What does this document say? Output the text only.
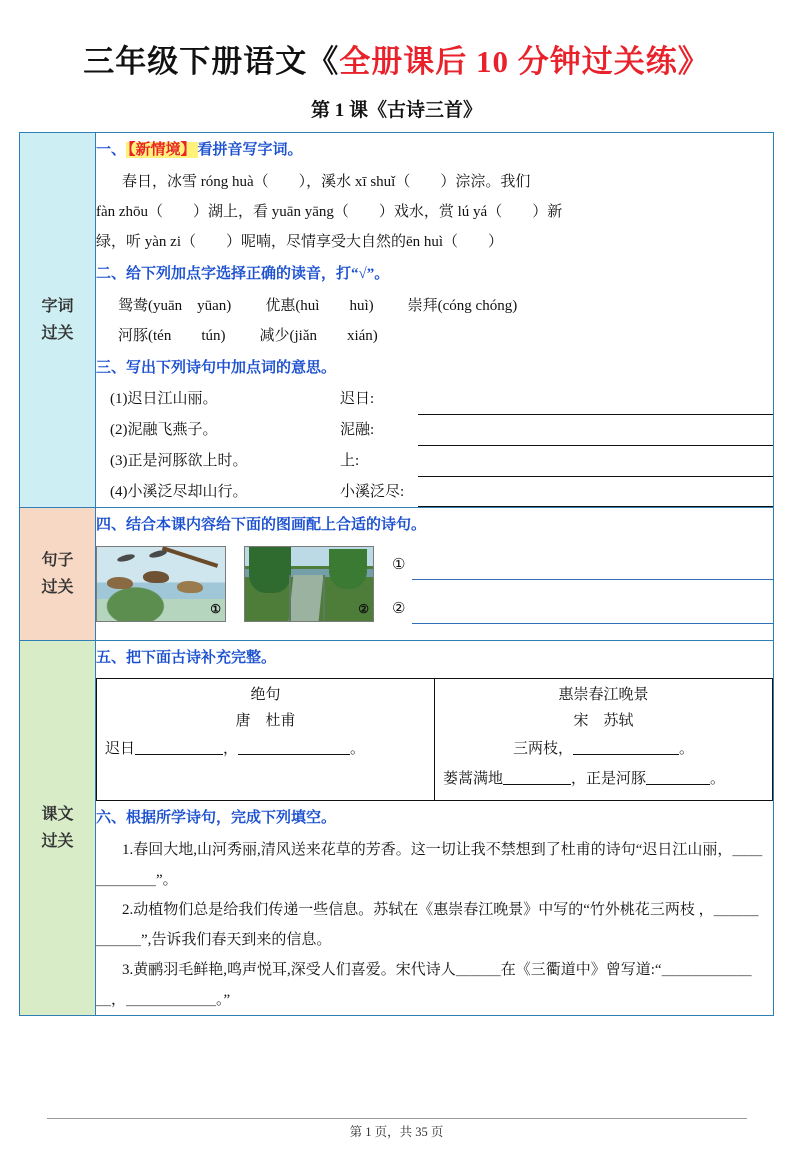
三年级下册语文《全册课后 10 分钟过关练》
第 1 课《古诗三首》
字词
过关

一、 【新情境】 看拼音写字词。
春日，冰雪 róng huà（　　），溪水 xī shuǐ（　　）淙淙。我们
fàn zhōu（　　）湖上，看 yuān yāng（　　）戏水，赏 lú yá（　　）新
绿，听 yàn zi（　　）呢喃，尽情享受大自然的ēn huì（　　）
二、给下列加点字选择正确的读音，打“√”。
鸳鸯(yuān　yūan) 优惠(huì　　huì) 崇拜(cóng chóng)
河豚(tén　　tún) 减少(jiǎn　　xián)
三、写出下列诗句中加点词的意思。
(1)迟日江山丽。	迟日:
(2)泥融飞燕子。	泥融:
(3)正是河豚欲上时。	上:
(4)小溪泛尽却山行。	小溪泛尽:

句子
过关

四、结合本课内容给下面的图画配上合适的诗句。
①	②
①
②

课文
过关

五、把下面古诗补充完整。
绝句
唐　杜甫
迟日	，	。
惠崇春江晚景
宋　苏轼
三两枝，	。
蒌蒿满地	，正是河豚	。
六、根据所学诗句，完成下列填空。
1.春回大地,山河秀丽,清风送来花草的芳香。这一切让我不禁想到了杜甫的诗句“迟日江山丽，＿＿＿＿＿＿”。
2.动植物们总是给我们传递一些信息。苏轼在《惠崇春江晚景》中写的“竹外桃花三两枝 ，＿＿＿＿＿＿”,告诉我们春天到来的信息。
3.黄鹂羽毛鲜艳,鸣声悦耳,深受人们喜爱。宋代诗人＿＿＿在《三衢道中》曾写道:“＿＿＿＿＿＿＿，＿＿＿＿＿＿。”
第 1 页，共 35 页
